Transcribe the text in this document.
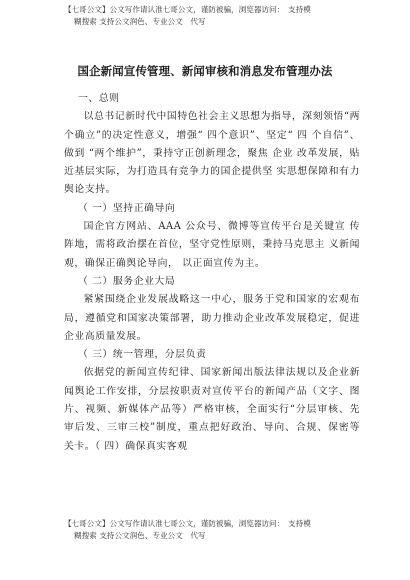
【七哥公文】公文写作请认准七哥公文，谨防被骗，浏览器访问：　支持模
糊搜索 支持公文润色、专业公文　代写
国企新闻宣传管理、新闻审核和消息发布管理办法

一、总则

以总书记新时代中国特色社会主义思想为指导，深刻领悟“两个确立”的决定性意义，增强“ 四个意识”、坚定“ 四 个自信”、做到 “两个维护”，秉持守正创新理念，聚焦 企业 改革发展，贴近基层实际，为打造具有竞争力的国企提供坚 实思想保障和有力舆论支持。

（ 一）坚持正确导向

国企官方网站、AAA 公众号、微博等宣传平台是关键宣 传阵地，需将政治摆在首位，坚守党性原则，秉持马克思主 义新闻观，确保正确舆论导向， 以正面宣传为主。

（ 二）服务企业大局

紧紧围绕企业发展战略这一中心，服务于党和国家的宏观布局，遵循党和国家决策部署，助力推动企业改革发展稳定，促进企业高质量发展。

（ 三）统一管理，分层负责

依据党的新闻宣传纪律、国家新闻出版法律法规以及企业新闻舆论工作安排，分层按职责对宣传平台的新闻产品（文字、图片、视频、新媒体产品等）严格审核，全面实行“分层审核、先审后发、三审三校”制度，重点把好政治、导向、合规、保密等关卡。（ 四）确保真实客观

【七哥公文】公文写作请认准七哥公文，谨防被骗，浏览器访问：　支持模
糊搜索 支持公文润色、专业公文　代写
